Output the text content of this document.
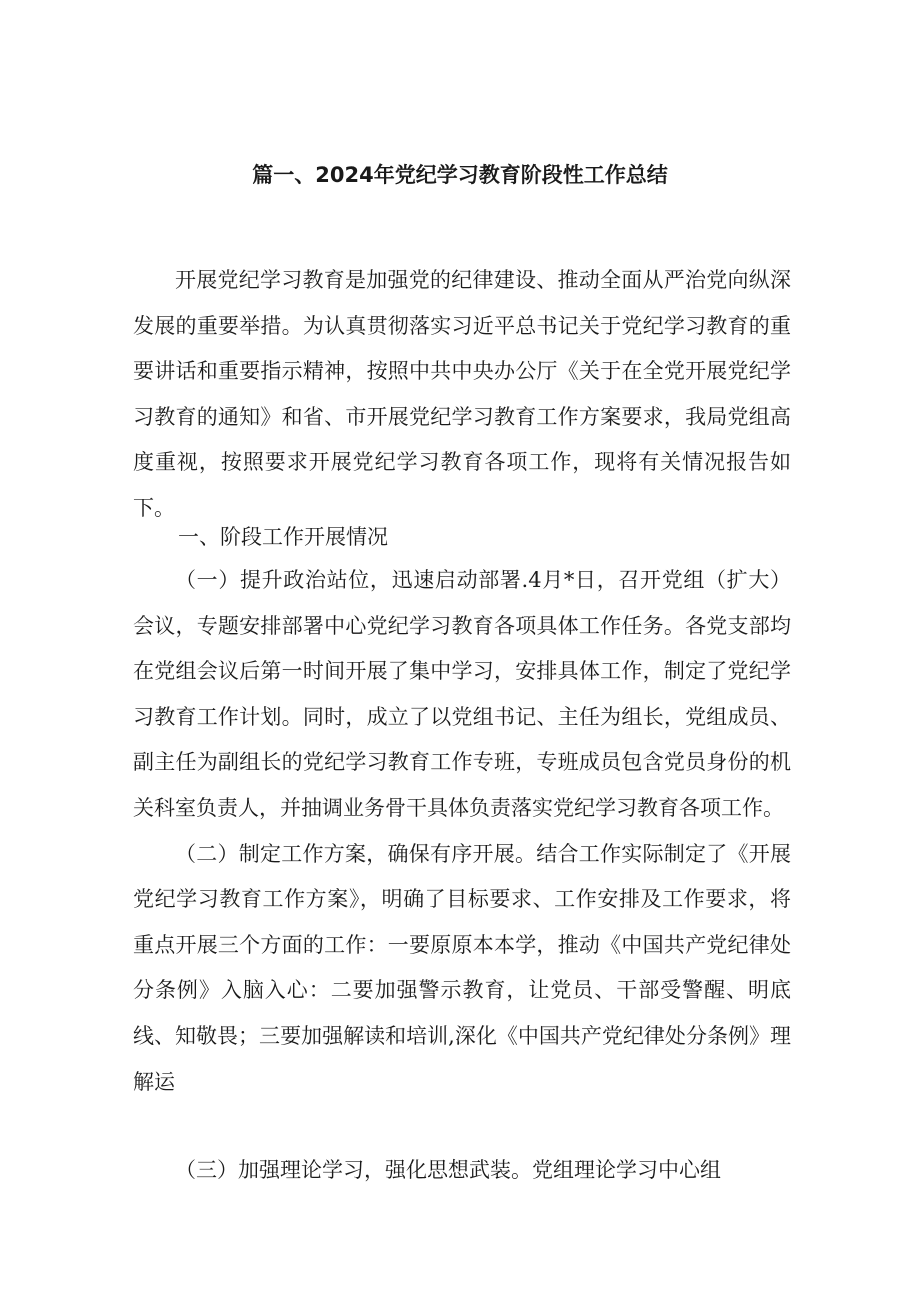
篇一、2024年党纪学习教育阶段性工作总结

开展党纪学习教育是加强党的纪律建设、推动全面从严治党向纵深发展的重要举措。为认真贯彻落实习近平总书记关于党纪学习教育的重要讲话和重要指示精神，按照中共中央办公厅《关于在全党开展党纪学习教育的通知》和省、市开展党纪学习教育工作方案要求，我局党组高度重视，按照要求开展党纪学习教育各项工作，现将有关情况报告如下。

一、阶段工作开展情况

（一）提升政治站位，迅速启动部署.4月*日，召开党组（扩大）会议，专题安排部署中心党纪学习教育各项具体工作任务。各党支部均在党组会议后第一时间开展了集中学习，安排具体工作，制定了党纪学习教育工作计划。同时，成立了以党组书记、主任为组长，党组成员、副主任为副组长的党纪学习教育工作专班，专班成员包含党员身份的机关科室负责人，并抽调业务骨干具体负责落实党纪学习教育各项工作。

（二）制定工作方案，确保有序开展。结合工作实际制定了《开展党纪学习教育工作方案》，明确了目标要求、工作安排及工作要求，将重点开展三个方面的工作：一要原原本本学，推动《中国共产党纪律处分条例》入脑入心：二要加强警示教育，让党员、干部受警醒、明底线、知敬畏；三要加强解读和培训,深化《中国共产党纪律处分条例》理解运

（三）加强理论学习，强化思想武装。党组理论学习中心组
